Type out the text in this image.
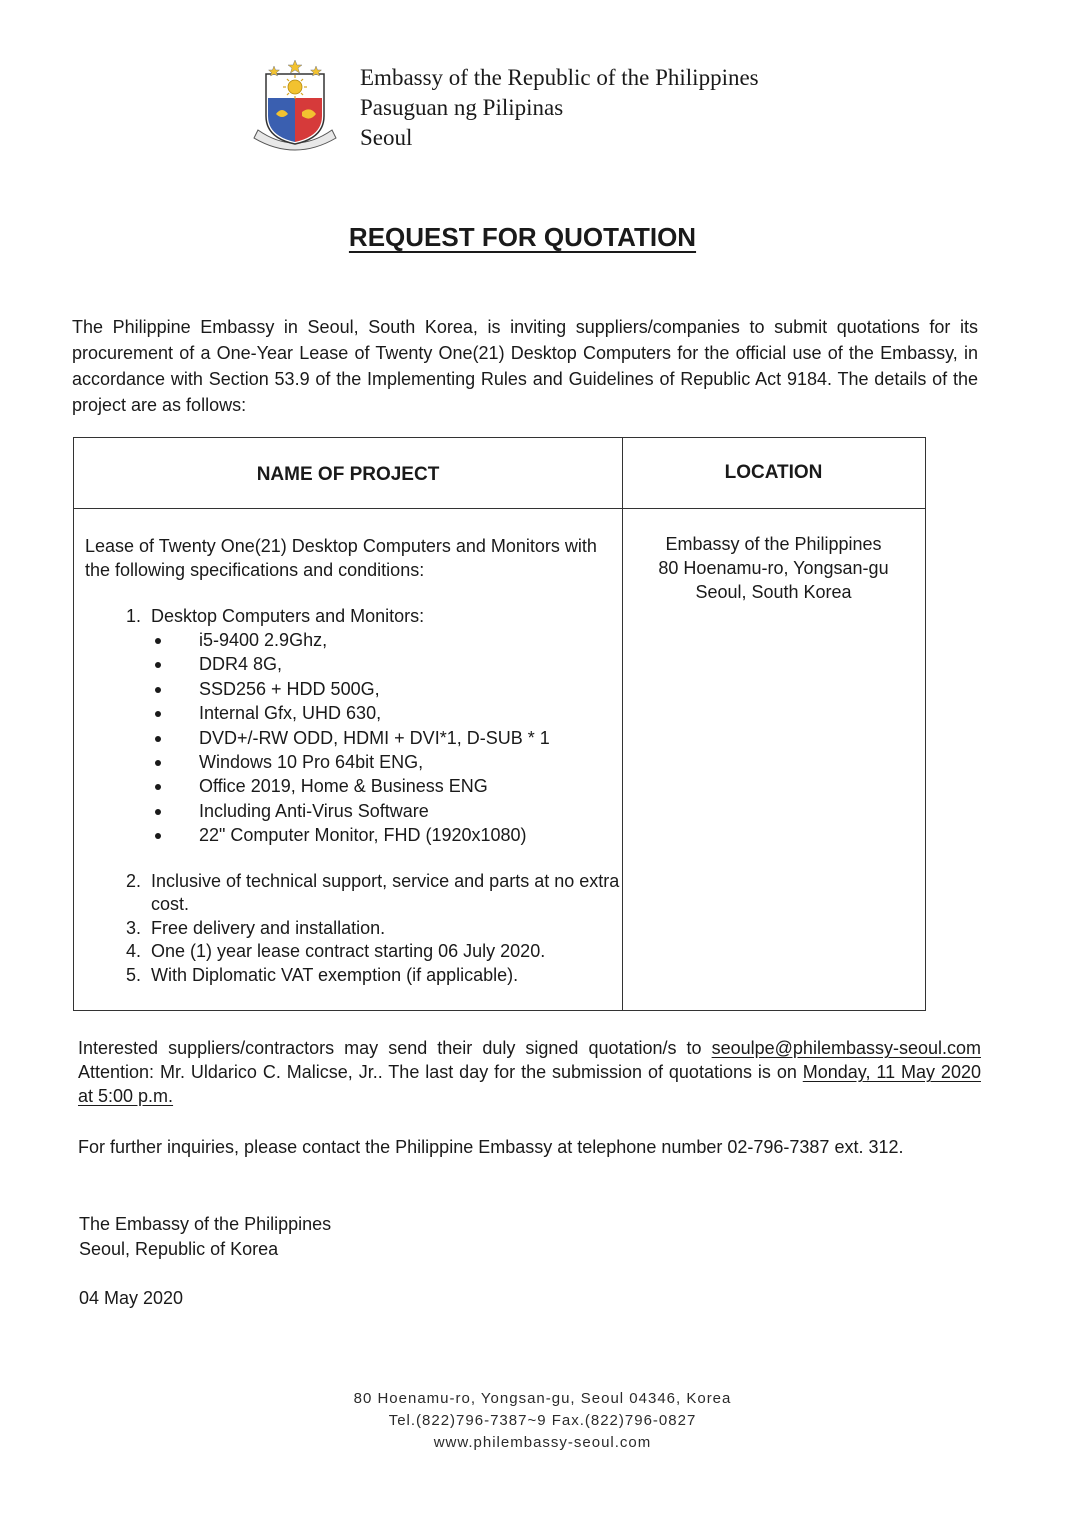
Embassy of the Republic of the Philippines
Pasuguan ng Pilipinas
Seoul
REQUEST FOR QUOTATION
The Philippine Embassy in Seoul, South Korea, is inviting suppliers/companies to submit quotations for its procurement of a One-Year Lease of Twenty One(21) Desktop Computers for the official use of the Embassy, in accordance with Section 53.9 of the Implementing Rules and Guidelines of Republic Act 9184. The details of the project are as follows:
NAME OF PROJECT	LOCATION
Lease of Twenty One(21) Desktop Computers and Monitors with the following specifications and conditions:
1. Desktop Computers and Monitors:
i5-9400 2.9Ghz,
DDR4 8G,
SSD256 + HDD 500G,
Internal Gfx, UHD 630,
DVD+/-RW ODD, HDMI + DVI*1, D-SUB * 1
Windows 10 Pro 64bit ENG,
Office 2019, Home & Business ENG
Including Anti-Virus Software
22" Computer Monitor, FHD (1920x1080)
2. Inclusive of technical support, service and parts at no extra cost.
3. Free delivery and installation.
4. One (1) year lease contract starting 06 July 2020.
5. With Diplomatic VAT exemption (if applicable).
Embassy of the Philippines
80 Hoenamu-ro, Yongsan-gu
Seoul, South Korea
Interested suppliers/contractors may send their duly signed quotation/s to seoulpe@philembassy-seoul.com Attention: Mr. Uldarico C. Malicse, Jr.. The last day for the submission of quotations is on Monday, 11 May 2020 at 5:00 p.m.
For further inquiries, please contact the Philippine Embassy at telephone number 02-796-7387 ext. 312.
The Embassy of the Philippines
Seoul, Republic of Korea
04 May 2020
80 Hoenamu-ro, Yongsan-gu, Seoul 04346, Korea
Tel.(822)796-7387~9 Fax.(822)796-0827
www.philembassy-seoul.com
